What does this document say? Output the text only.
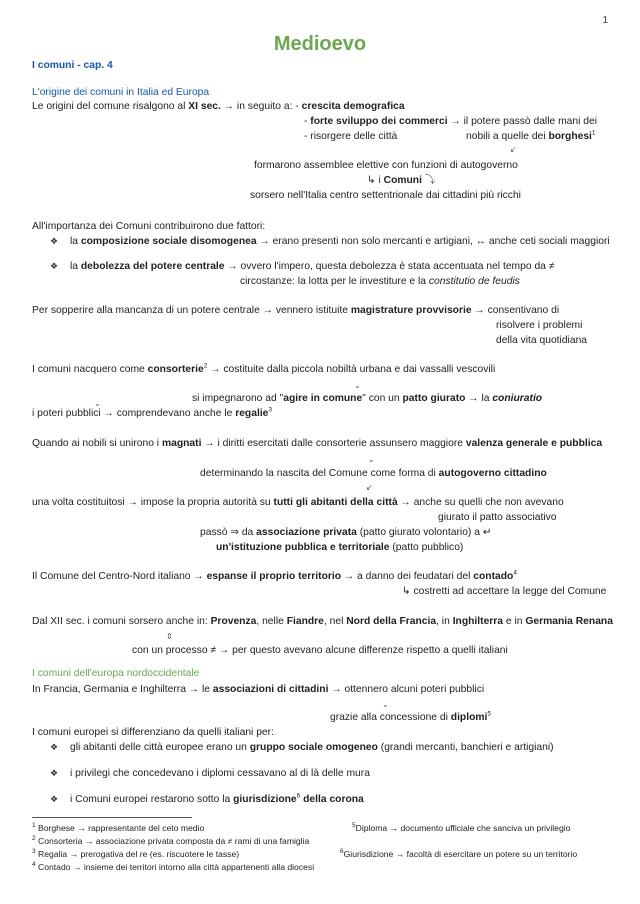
1
Medioevo
I comuni - cap. 4
L'origine dei comuni in Italia ed Europa
Le origini del comune risalgono al XI sec. → in seguito a: - crescita demografica
- forte sviluppo dei commerci → il potere passò dalle mani dei
- risorgere delle città	nobili a quelle dei borghesi$^1$
↙
formarono assemblee elettive con funzioni di autogoverno
↳ i Comuni ⤵
sorsero nell'Italia centro settentrionale dai cittadini più ricchi
All'importanza dei Comuni contribuirono due fattori:
❖ la composizione sociale disomogenea → erano presenti non solo mercanti e artigiani, ↔ anche ceti sociali maggiori
❖ la debolezza del potere centrale → ovvero l'impero, questa debolezza è stata accentuata nel tempo da ≠
circostanze: la lotta per le investiture e la constitutio de feudis
Per sopperire alla mancanza di un potere centrale → vennero istituite magistrature provvisorie → consentivano di
risolvere i problemi
della vita quotidiana
I comuni nacquero come consorterie$^2$ → costituite dalla piccola nobiltà urbana e dai vassalli vescovili
⌄
si impegnarono ad "agire in comune" con un patto giurato → la coniuratio
⌄
i poteri pubblici → comprendevano anche le regalie$^3$
Quando ai nobili si unirono i magnati → i diritti esercitati dalle consorterie assunsero maggiore valenza generale e pubblica
⌄
determinando la nascita del Comune come forma di autogoverno cittadino
↙
una volta costituitosi → impose la propria autorità su tutti gli abitanti della città → anche su quelli che non avevano
giurato il patto associativo
passò ⇒ da associazione privata (patto giurato volontario) a ↵
un'istituzione pubblica e territoriale (patto pubblico)
Il Comune del Centro-Nord italiano → espanse il proprio territorio → a danno dei feudatari del contado$^4$
↳ costretti ad accettare la legge del Comune
Dal XII sec. i comuni sorsero anche in: Provenza, nelle Fiandre, nel Nord della Francia, in Inghilterra e in Germania Renana
⇕
con un processo ≠ → per questo avevano alcune differenze rispetto a quelli italiani
I comuni dell'europa nordoccidentale
In Francia, Germania e Inghilterra → le associazioni di cittadini → ottennero alcuni poteri pubblici
⌄
grazie alla concessione di diplomi$^5$
I comuni europei si differenziano da quelli italiani per:
❖ gli abitanti delle città europee erano un gruppo sociale omogeneo (grandi mercanti, banchieri e artigiani)
❖ i privilegi che concedevano i diplomi cessavano al di là delle mura
❖ i Comuni europei restarono sotto la giurisdizione$^6$ della corona
$^1$ Borghese → rappresentante del ceto medio	$^5$Diploma → documento ufficiale che sanciva un privilegio
$^2$ Consorteria → associazione privata composta da ≠ rami di una famiglia
$^3$ Regalia → prerogativa del re (es. riscuotere le tasse)	$^6$Giurisdizione → facoltà di esercitare un potere su un territorio
$^4$ Contado → insieme dei territori intorno alla città appartenenti alla diocesi
